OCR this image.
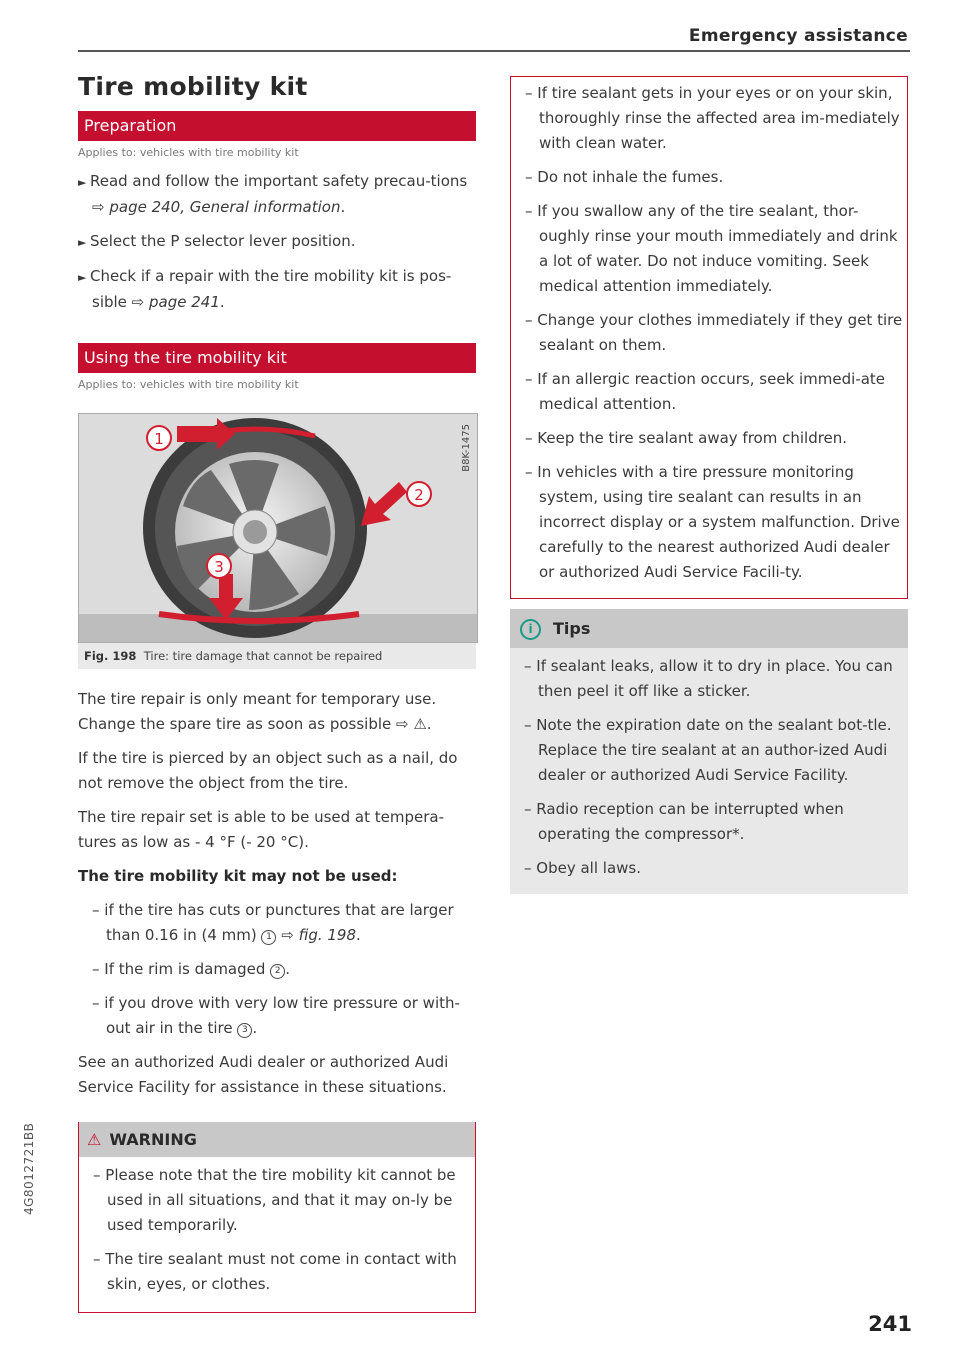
Emergency assistance
4G8012721BB
Tire mobility kit
Preparation
Applies to: vehicles with tire mobility kit

► Read and follow the important safety precau-tions ⇨ page 240, General information.

► Select the P selector lever position.

► Check if a repair with the tire mobility kit is pos-sible ⇨ page 241.

Using the tire mobility kit
Applies to: vehicles with tire mobility kit
1
2
3
B8K-1475
Fig. 198 Tire: tire damage that cannot be repaired

The tire repair is only meant for temporary use. Change the spare tire as soon as possible ⇨ ⚠.

If the tire is pierced by an object such as a nail, do not remove the object from the tire.

The tire repair set is able to be used at tempera-tures as low as - 4 °F (- 20 °C).

The tire mobility kit may not be used:

– if the tire has cuts or punctures that are larger than 0.16 in (4 mm) 1 ⇨ fig. 198.

– If the rim is damaged 2 .

– if you drove with very low tire pressure or with-out air in the tire 3 .

See an authorized Audi dealer or authorized Audi Service Facility for assistance in these situations.

⚠ WARNING

– Please note that the tire mobility kit cannot be used in all situations, and that it may on-ly be used temporarily.

– The tire sealant must not come in contact with skin, eyes, or clothes.

– If tire sealant gets in your eyes or on your skin, thoroughly rinse the affected area im-mediately with clean water.

– Do not inhale the fumes.

– If you swallow any of the tire sealant, thor-oughly rinse your mouth immediately and drink a lot of water. Do not induce vomiting. Seek medical attention immediately.

– Change your clothes immediately if they get tire sealant on them.

– If an allergic reaction occurs, seek immedi-ate medical attention.

– Keep the tire sealant away from children.

– In vehicles with a tire pressure monitoring system, using tire sealant can results in an incorrect display or a system malfunction. Drive carefully to the nearest authorized Audi dealer or authorized Audi Service Facili-ty.

i Tips

– If sealant leaks, allow it to dry in place. You can then peel it off like a sticker.

– Note the expiration date on the sealant bot-tle. Replace the tire sealant at an author-ized Audi dealer or authorized Audi Service Facility.

– Radio reception can be interrupted when operating the compressor*.

– Obey all laws.

241
